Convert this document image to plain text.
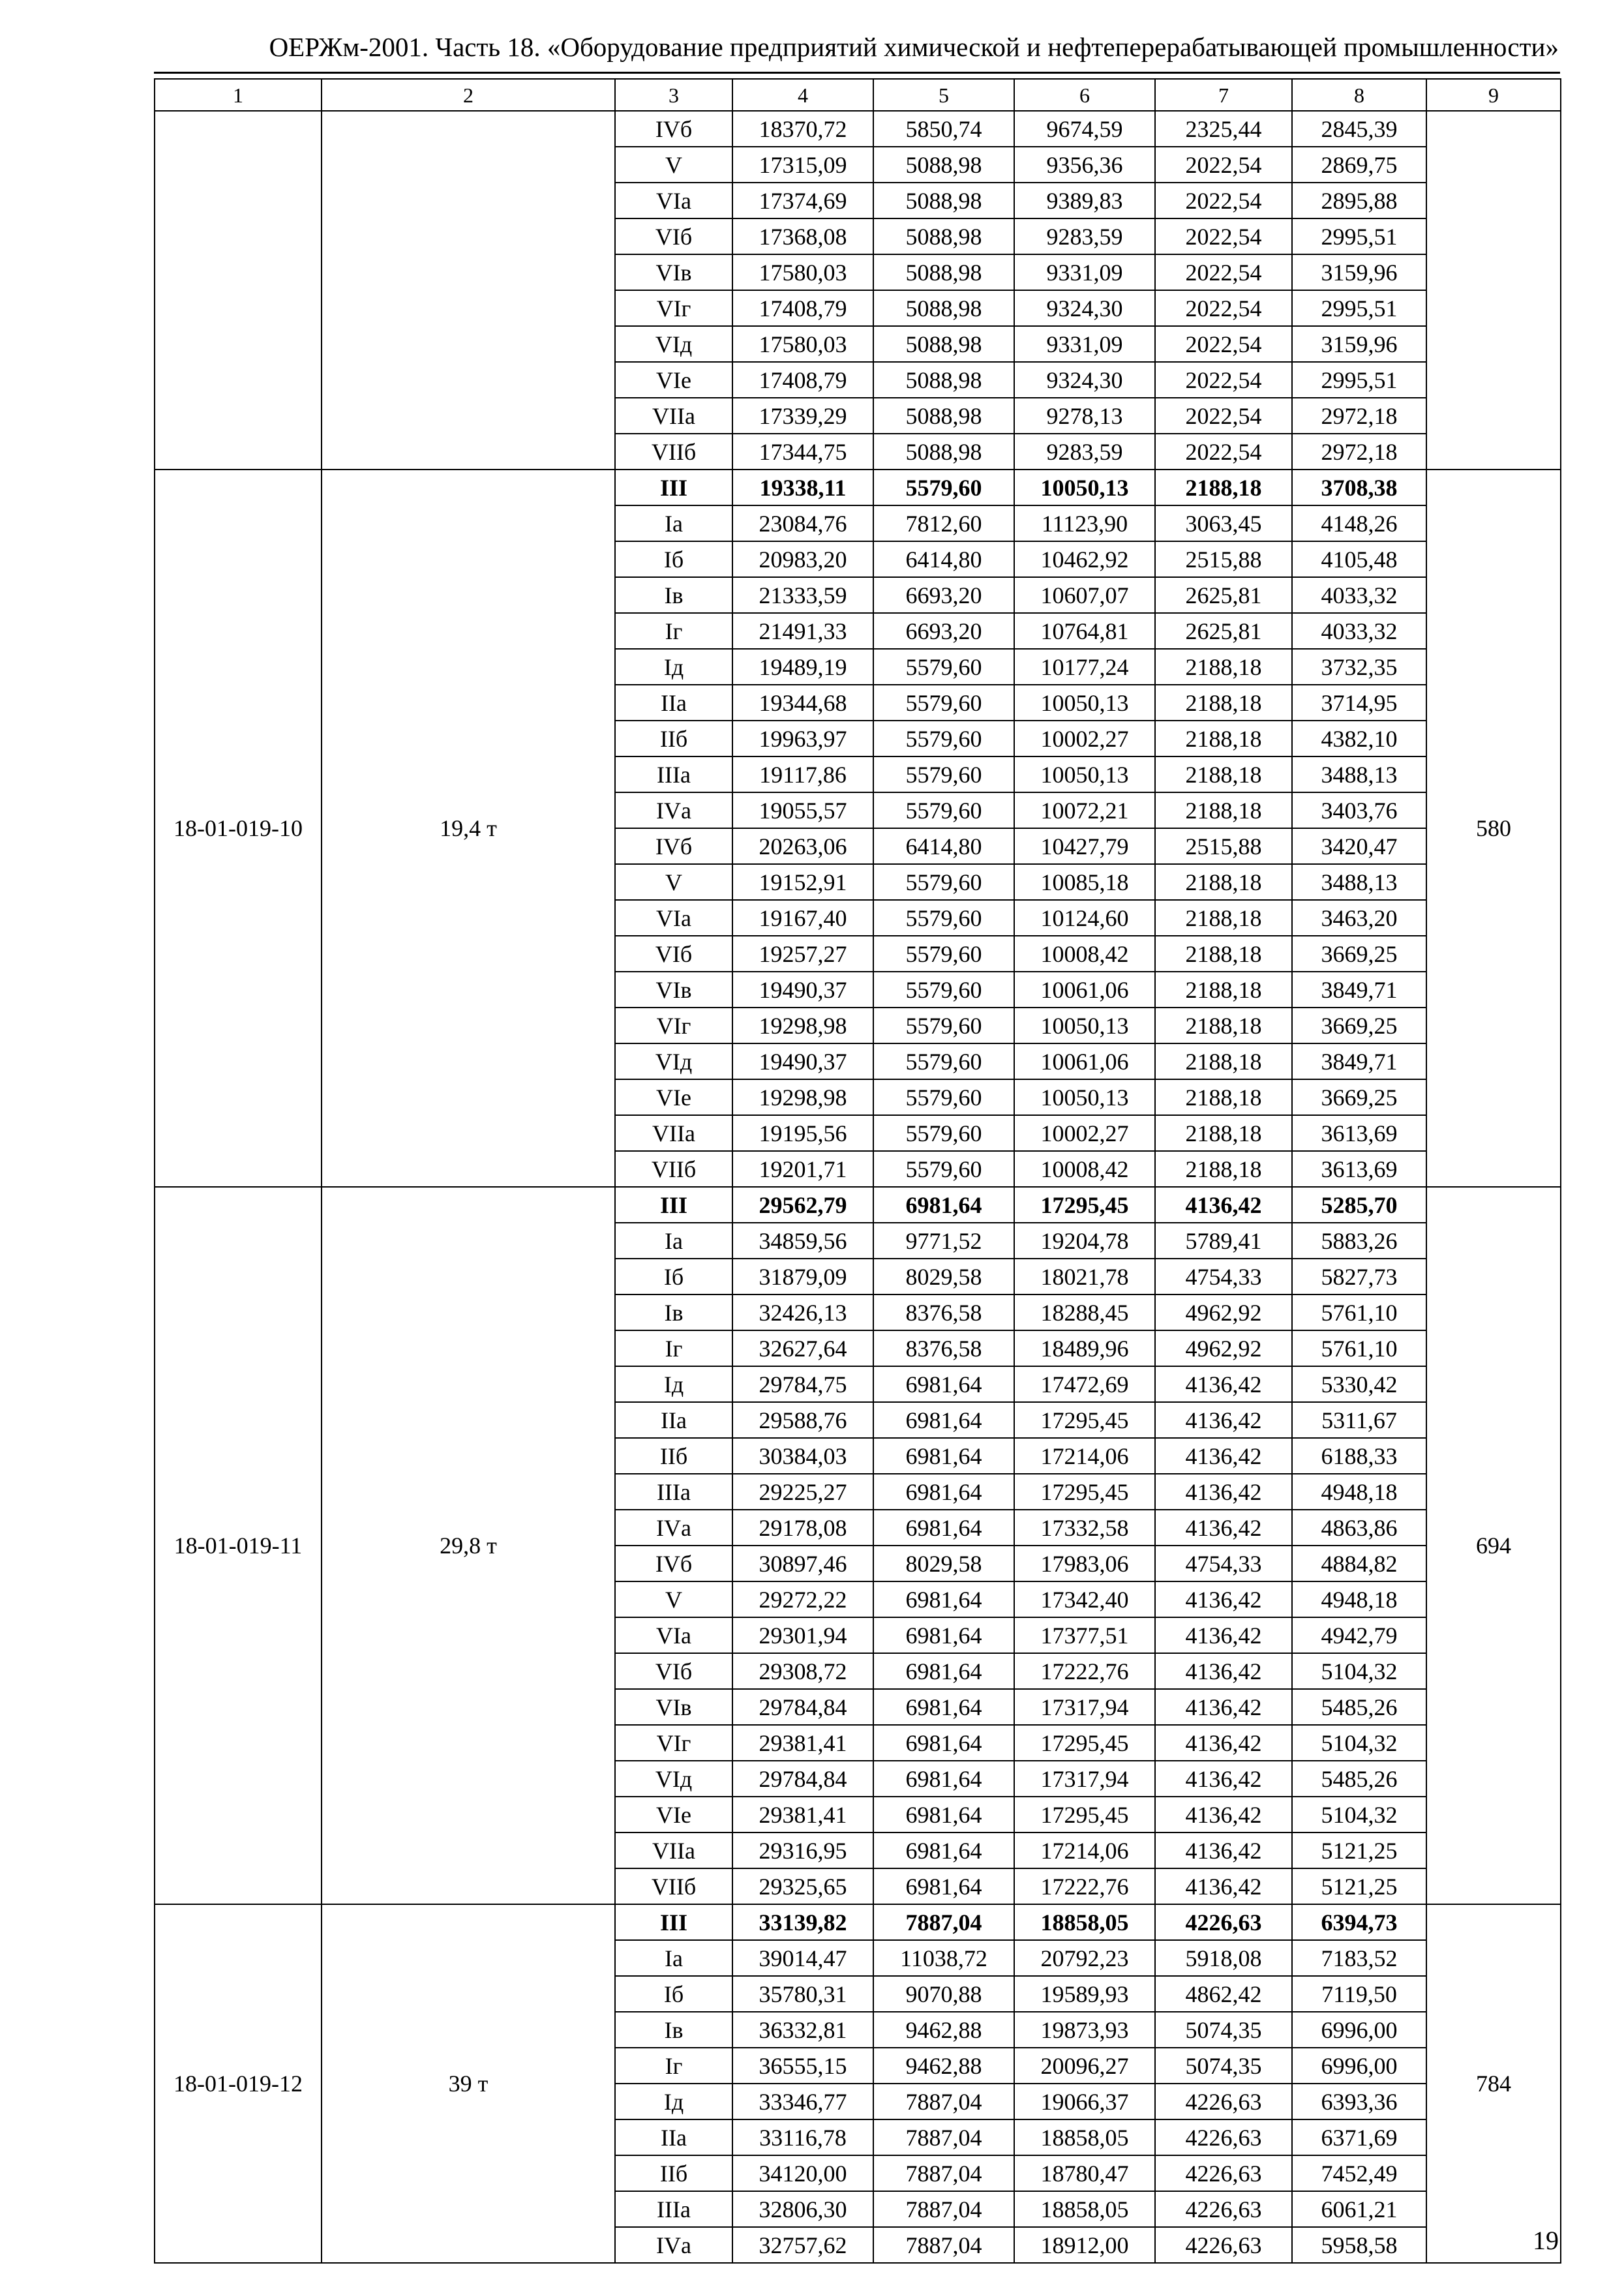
ОЕРЖм-2001. Часть 18. «Оборудование предприятий химической и нефтеперерабатывающей промышленности»
1	2	3	4	5	6	7	8	9
		IVб	18370,72	5850,74	9674,59	2325,44	2845,39	
		V	17315,09	5088,98	9356,36	2022,54	2869,75	
		VIа	17374,69	5088,98	9389,83	2022,54	2895,88	
		VIб	17368,08	5088,98	9283,59	2022,54	2995,51	
		VIв	17580,03	5088,98	9331,09	2022,54	3159,96	
		VIг	17408,79	5088,98	9324,30	2022,54	2995,51	
		VIд	17580,03	5088,98	9331,09	2022,54	3159,96	
		VIе	17408,79	5088,98	9324,30	2022,54	2995,51	
		VIIа	17339,29	5088,98	9278,13	2022,54	2972,18	
		VIIб	17344,75	5088,98	9283,59	2022,54	2972,18	
18-01-019-10	19,4 т	III	19338,11	5579,60	10050,13	2188,18	3708,38	580
		Iа	23084,76	7812,60	11123,90	3063,45	4148,26	
		Iб	20983,20	6414,80	10462,92	2515,88	4105,48	
		Iв	21333,59	6693,20	10607,07	2625,81	4033,32	
		Iг	21491,33	6693,20	10764,81	2625,81	4033,32	
		Iд	19489,19	5579,60	10177,24	2188,18	3732,35	
		IIа	19344,68	5579,60	10050,13	2188,18	3714,95	
		IIб	19963,97	5579,60	10002,27	2188,18	4382,10	
		IIIа	19117,86	5579,60	10050,13	2188,18	3488,13	
		IVа	19055,57	5579,60	10072,21	2188,18	3403,76	
		IVб	20263,06	6414,80	10427,79	2515,88	3420,47	
		V	19152,91	5579,60	10085,18	2188,18	3488,13	
		VIа	19167,40	5579,60	10124,60	2188,18	3463,20	
		VIб	19257,27	5579,60	10008,42	2188,18	3669,25	
		VIв	19490,37	5579,60	10061,06	2188,18	3849,71	
		VIг	19298,98	5579,60	10050,13	2188,18	3669,25	
		VIд	19490,37	5579,60	10061,06	2188,18	3849,71	
		VIе	19298,98	5579,60	10050,13	2188,18	3669,25	
		VIIа	19195,56	5579,60	10002,27	2188,18	3613,69	
		VIIб	19201,71	5579,60	10008,42	2188,18	3613,69	
18-01-019-11	29,8 т	III	29562,79	6981,64	17295,45	4136,42	5285,70	694
		Iа	34859,56	9771,52	19204,78	5789,41	5883,26	
		Iб	31879,09	8029,58	18021,78	4754,33	5827,73	
		Iв	32426,13	8376,58	18288,45	4962,92	5761,10	
		Iг	32627,64	8376,58	18489,96	4962,92	5761,10	
		Iд	29784,75	6981,64	17472,69	4136,42	5330,42	
		IIа	29588,76	6981,64	17295,45	4136,42	5311,67	
		IIб	30384,03	6981,64	17214,06	4136,42	6188,33	
		IIIа	29225,27	6981,64	17295,45	4136,42	4948,18	
		IVа	29178,08	6981,64	17332,58	4136,42	4863,86	
		IVб	30897,46	8029,58	17983,06	4754,33	4884,82	
		V	29272,22	6981,64	17342,40	4136,42	4948,18	
		VIа	29301,94	6981,64	17377,51	4136,42	4942,79	
		VIб	29308,72	6981,64	17222,76	4136,42	5104,32	
		VIв	29784,84	6981,64	17317,94	4136,42	5485,26	
		VIг	29381,41	6981,64	17295,45	4136,42	5104,32	
		VIд	29784,84	6981,64	17317,94	4136,42	5485,26	
		VIе	29381,41	6981,64	17295,45	4136,42	5104,32	
		VIIа	29316,95	6981,64	17214,06	4136,42	5121,25	
		VIIб	29325,65	6981,64	17222,76	4136,42	5121,25	
18-01-019-12	39 т	III	33139,82	7887,04	18858,05	4226,63	6394,73	784
		Iа	39014,47	11038,72	20792,23	5918,08	7183,52	
		Iб	35780,31	9070,88	19589,93	4862,42	7119,50	
		Iв	36332,81	9462,88	19873,93	5074,35	6996,00	
		Iг	36555,15	9462,88	20096,27	5074,35	6996,00	
		Iд	33346,77	7887,04	19066,37	4226,63	6393,36	
		IIа	33116,78	7887,04	18858,05	4226,63	6371,69	
		IIб	34120,00	7887,04	18780,47	4226,63	7452,49	
		IIIа	32806,30	7887,04	18858,05	4226,63	6061,21	
		IVа	32757,62	7887,04	18912,00	4226,63	5958,58		19
